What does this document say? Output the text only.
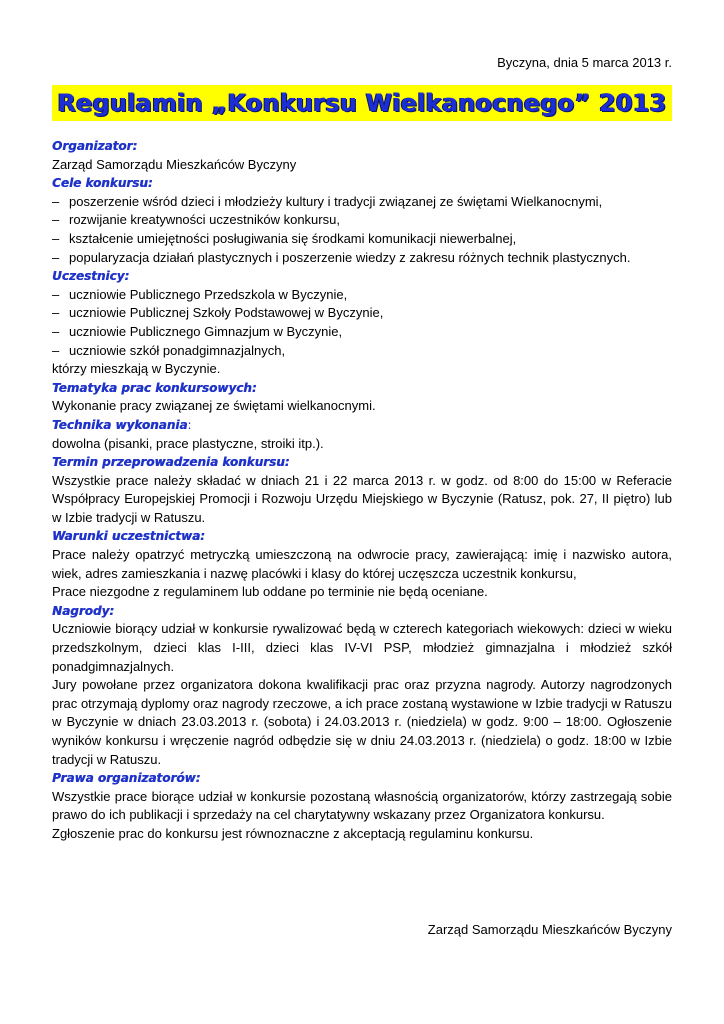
Byczyna, dnia 5 marca 2013 r.
Regulamin „Konkursu Wielkanocnego” 2013
Organizator:
Zarząd Samorządu Mieszkańców Byczyny
Cele konkursu:
– poszerzenie wśród dzieci i młodzieży kultury i tradycji związanej ze świętami Wielkanocnymi,
– rozwijanie kreatywności uczestników konkursu,
– kształcenie umiejętności posługiwania się środkami komunikacji niewerbalnej,
– popularyzacja działań plastycznych i poszerzenie wiedzy z zakresu różnych technik plastycznych.
Uczestnicy:
– uczniowie Publicznego Przedszkola w Byczynie,
– uczniowie Publicznej Szkoły Podstawowej w Byczynie,
– uczniowie Publicznego Gimnazjum w Byczynie,
– uczniowie szkół ponadgimnazjalnych,
którzy mieszkają w Byczynie.
Tematyka prac konkursowych:
Wykonanie pracy związanej ze świętami wielkanocnymi.
Technika wykonania:
dowolna (pisanki, prace plastyczne, stroiki itp.).
Termin przeprowadzenia konkursu:
Wszystkie prace należy składać w dniach 21 i 22 marca 2013 r. w godz. od 8:00 do 15:00 w Referacie Współpracy Europejskiej Promocji i Rozwoju Urzędu Miejskiego w Byczynie (Ratusz, pok. 27, II piętro) lub w Izbie tradycji w Ratuszu.
Warunki uczestnictwa:
Prace należy opatrzyć metryczką umieszczoną na odwrocie pracy, zawierającą: imię i nazwisko autora, wiek, adres zamieszkania i nazwę placówki i klasy do której uczęszcza uczestnik konkursu,
Prace niezgodne z regulaminem lub oddane po terminie nie będą oceniane.
Nagrody:
Uczniowie biorący udział w konkursie rywalizować będą w czterech kategoriach wiekowych: dzieci w wieku przedszkolnym, dzieci klas I-III, dzieci klas IV-VI PSP, młodzież gimnazjalna i młodzież szkół ponadgimnazjalnych.
Jury powołane przez organizatora dokona kwalifikacji prac oraz przyzna nagrody. Autorzy nagrodzonych prac otrzymają dyplomy oraz nagrody rzeczowe, a ich prace zostaną wystawione w Izbie tradycji w Ratuszu w Byczynie w dniach 23.03.2013 r. (sobota) i 24.03.2013 r. (niedziela) w godz. 9:00 – 18:00. Ogłoszenie wyników konkursu i wręczenie nagród odbędzie się w dniu 24.03.2013 r. (niedziela) o godz. 18:00 w Izbie tradycji w Ratuszu.
Prawa organizatorów:
Wszystkie prace biorące udział w konkursie pozostaną własnością organizatorów, którzy zastrzegają sobie prawo do ich publikacji i sprzedaży na cel charytatywny wskazany przez Organizatora konkursu.
Zgłoszenie prac do konkursu jest równoznaczne z akceptacją regulaminu konkursu.
Zarząd Samorządu Mieszkańców Byczyny
